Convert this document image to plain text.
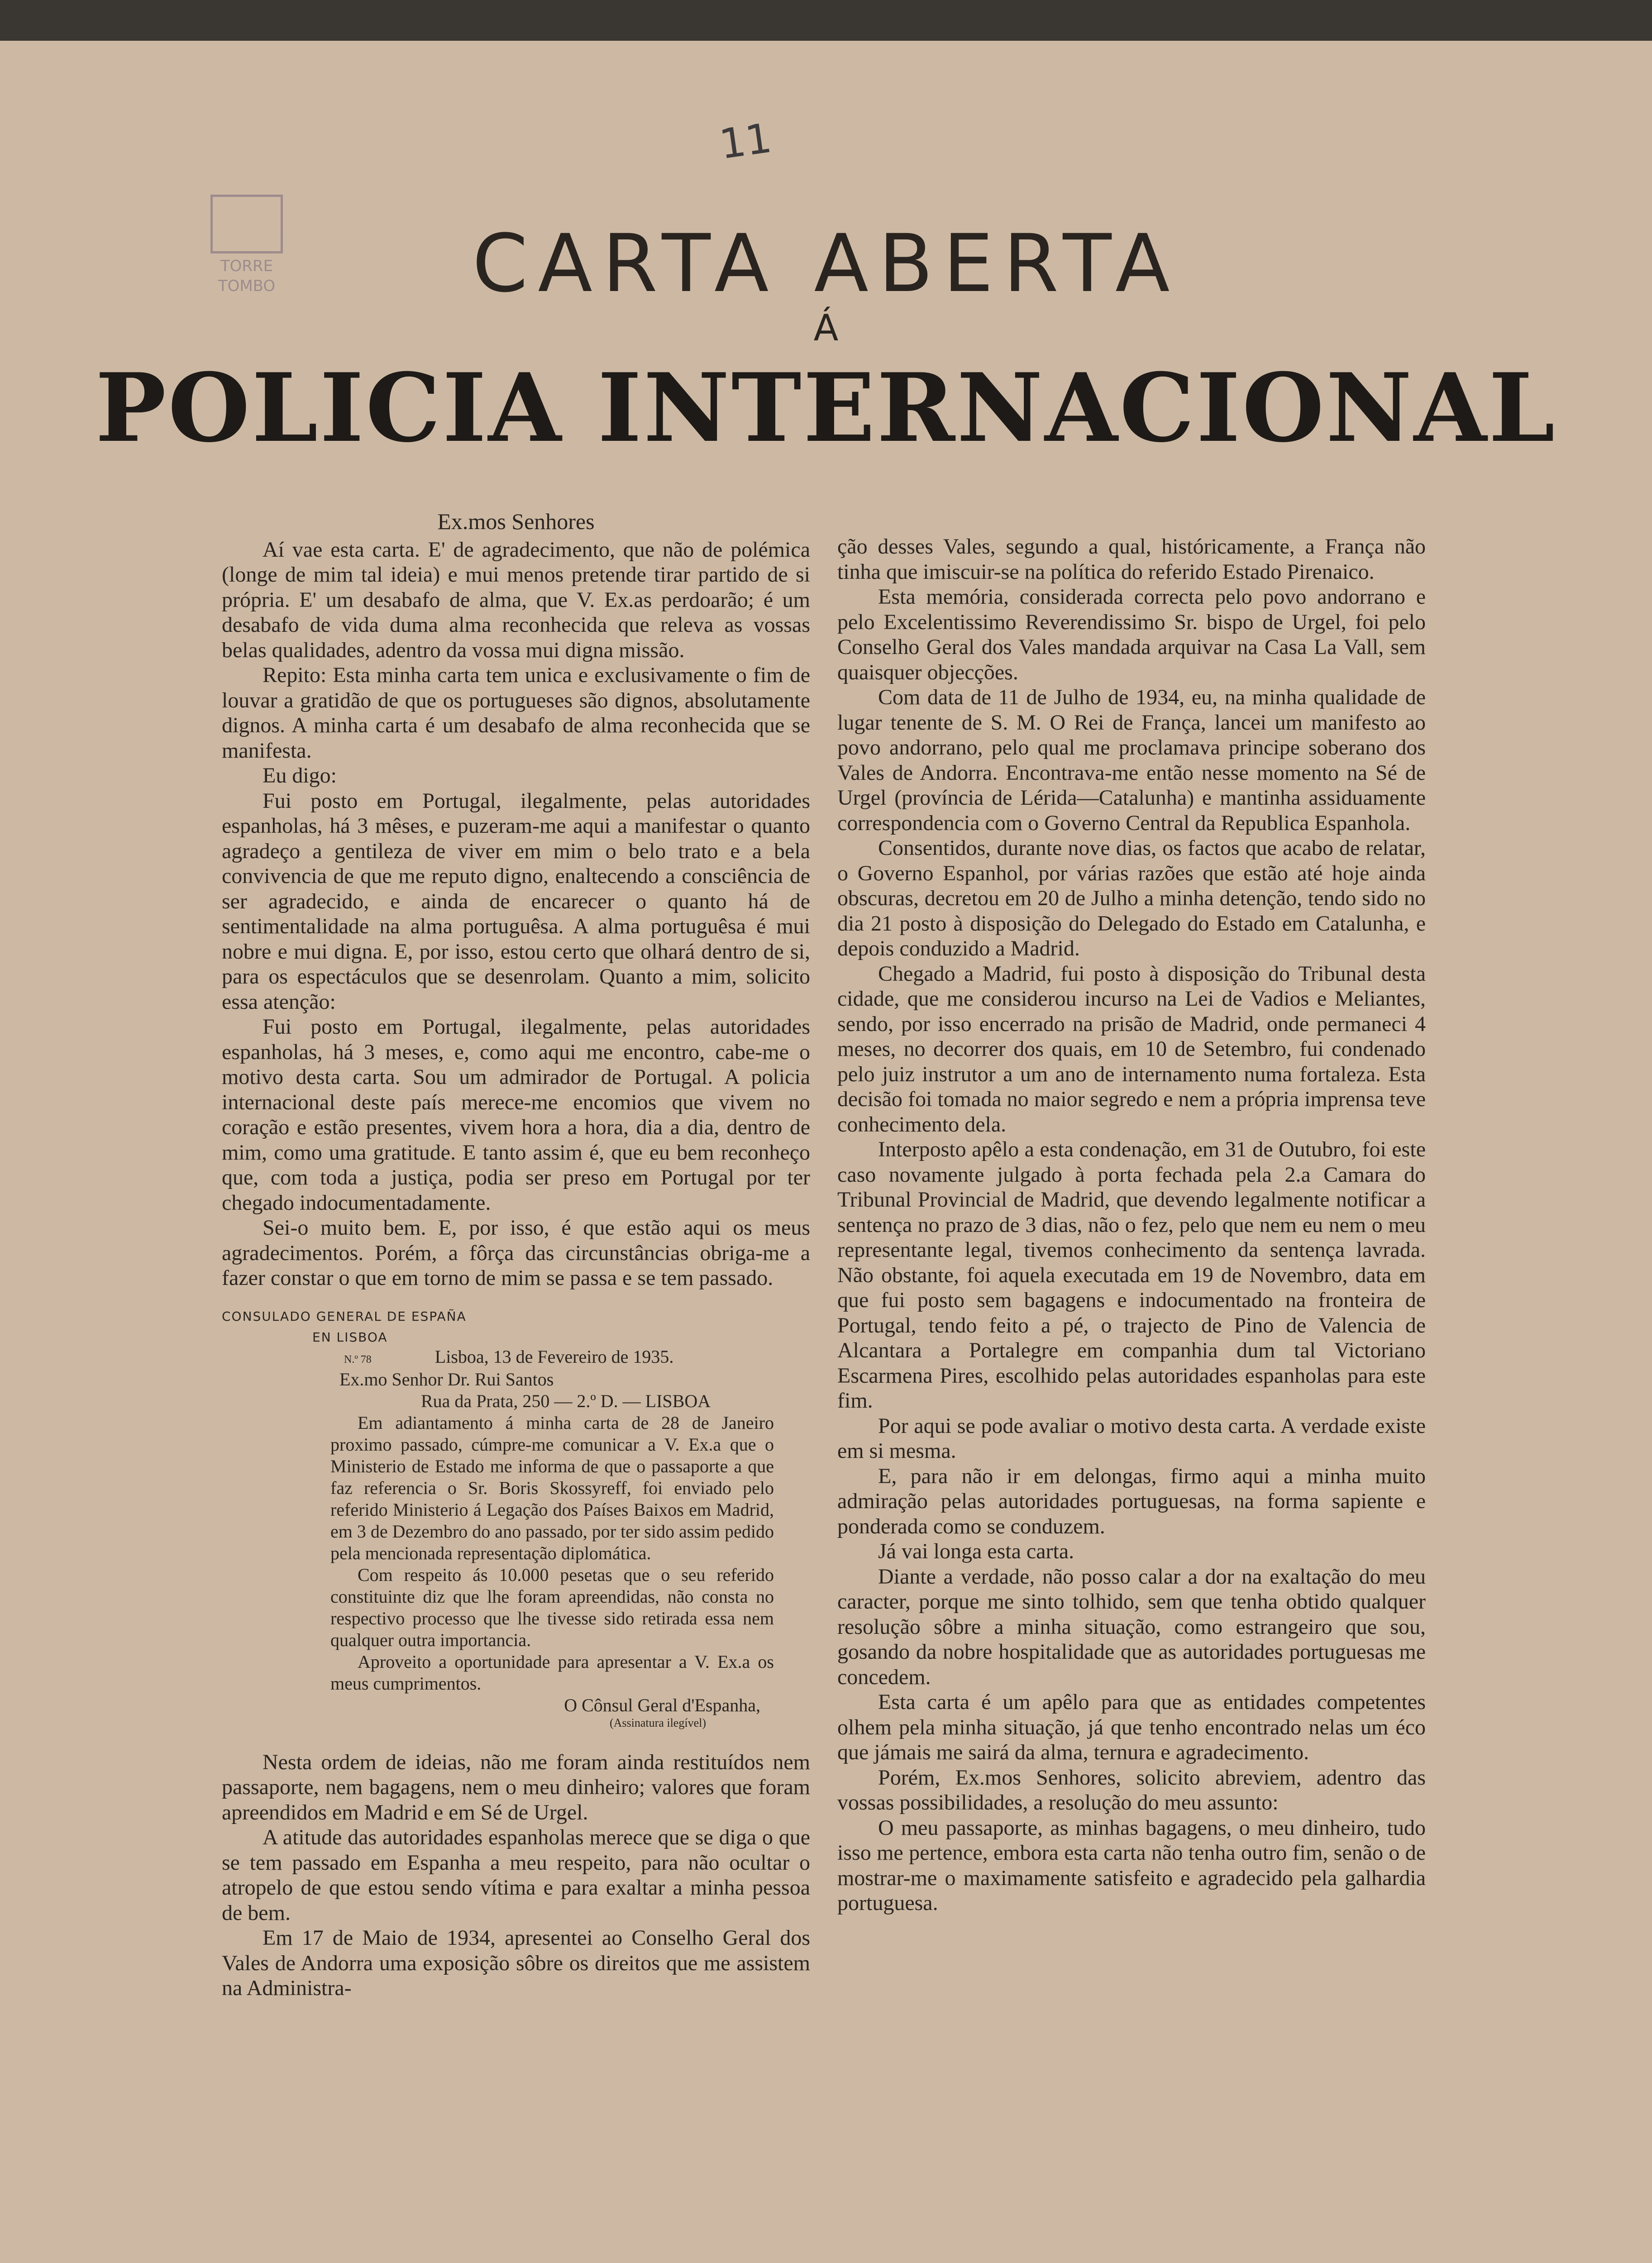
TORRE
TOMBO
11
CARTA ABERTA
Á
POLICIA INTERNACIONAL
Ex.mos Senhores

Aí vae esta carta. E' de agradecimento, que não de polémica (longe de mim tal ideia) e mui menos pretende tirar partido de si própria. E' um desabafo de alma, que V. Ex.as perdoarão; é um desabafo de vida duma alma reconhecida que releva as vossas belas qualidades, adentro da vossa mui digna missão.

Repito: Esta minha carta tem unica e exclusivamente o fim de louvar a gratidão de que os portugueses são dignos, absolutamente dignos. A minha carta é um desabafo de alma reconhecida que se manifesta.

Eu digo:

Fui posto em Portugal, ilegalmente, pelas autoridades espanholas, há 3 mêses, e puzeram-me aqui a manifestar o quanto agradeço a gentileza de viver em mim o belo trato e a bela convivencia de que me reputo digno, enaltecendo a consciência de ser agradecido, e ainda de encarecer o quanto há de sentimentalidade na alma portuguêsa. A alma portuguêsa é mui nobre e mui digna. E, por isso, estou certo que olhará dentro de si, para os espectáculos que se desenrolam. Quanto a mim, solicito essa atenção:

Fui posto em Portugal, ilegalmente, pelas autoridades espanholas, há 3 meses, e, como aqui me encontro, cabe-me o motivo desta carta. Sou um admirador de Portugal. A policia internacional deste país merece-me encomios que vivem no coração e estão presentes, vivem hora a hora, dia a dia, dentro de mim, como uma gratitude. E tanto assim é, que eu bem reconheço que, com toda a justiça, podia ser preso em Portugal por ter chegado indocumentadamente.

Sei-o muito bem. E, por isso, é que estão aqui os meus agradecimentos. Porém, a fôrça das circunstâncias obriga-me a fazer constar o que em torno de mim se passa e se tem passado.

CONSULADO GENERAL DE ESPAÑA
EN LISBOA
N.º 78	Lisboa, 13 de Fevereiro de 1935.
Ex.mo Senhor Dr. Rui Santos
Rua da Prata, 250 — 2.º D. — LISBOA

Em adiantamento á minha carta de 28 de Janeiro proximo passado, cúmpre-me comunicar a V. Ex.a que o Ministerio de Estado me informa de que o passaporte a que faz referencia o Sr. Boris Skossyreff, foi enviado pelo referido Ministerio á Legação dos Países Baixos em Madrid, em 3 de Dezembro do ano passado, por ter sido assim pedido pela mencionada representação diplomática.

Com respeito ás 10.000 pesetas que o seu referido constituinte diz que lhe foram apreendidas, não consta no respectivo processo que lhe tivesse sido retirada essa nem qualquer outra importancia.

Aproveito a oportunidade para apresentar a V. Ex.a os meus cumprimentos.

O Cônsul Geral d'Espanha,
(Assinatura ilegível)

Nesta ordem de ideias, não me foram ainda restituídos nem passaporte, nem bagagens, nem o meu dinheiro; valores que foram apreendidos em Madrid e em Sé de Urgel.

A atitude das autoridades espanholas merece que se diga o que se tem passado em Espanha a meu respeito, para não ocultar o atropelo de que estou sendo vítima e para exaltar a minha pessoa de bem.

Em 17 de Maio de 1934, apresentei ao Conselho Geral dos Vales de Andorra uma exposição sôbre os direitos que me assistem na Administra-

ção desses Vales, segundo a qual, históricamente, a França não tinha que imiscuir-se na política do referido Estado Pirenaico.

Esta memória, considerada correcta pelo povo andorrano e pelo Excelentissimo Reverendissimo Sr. bispo de Urgel, foi pelo Conselho Geral dos Vales mandada arquivar na Casa La Vall, sem quaisquer objecções.

Com data de 11 de Julho de 1934, eu, na minha qualidade de lugar tenente de S. M. O Rei de França, lancei um manifesto ao povo andorrano, pelo qual me proclamava principe soberano dos Vales de Andorra. Encontrava-me então nesse momento na Sé de Urgel (província de Lérida—Catalunha) e mantinha assiduamente correspondencia com o Governo Central da Republica Espanhola.

Consentidos, durante nove dias, os factos que acabo de relatar, o Governo Espanhol, por várias razões que estão até hoje ainda obscuras, decretou em 20 de Julho a minha detenção, tendo sido no dia 21 posto à disposição do Delegado do Estado em Catalunha, e depois conduzido a Madrid.

Chegado a Madrid, fui posto à disposição do Tribunal desta cidade, que me considerou incurso na Lei de Vadios e Meliantes, sendo, por isso encerrado na prisão de Madrid, onde permaneci 4 meses, no decorrer dos quais, em 10 de Setembro, fui condenado pelo juiz instrutor a um ano de internamento numa fortaleza. Esta decisão foi tomada no maior segredo e nem a própria imprensa teve conhecimento dela.

Interposto apêlo a esta condenação, em 31 de Outubro, foi este caso novamente julgado à porta fechada pela 2.a Camara do Tribunal Provincial de Madrid, que devendo legalmente notificar a sentença no prazo de 3 dias, não o fez, pelo que nem eu nem o meu representante legal, tivemos conhecimento da sentença lavrada. Não obstante, foi aquela executada em 19 de Novembro, data em que fui posto sem bagagens e indocumentado na fronteira de Portugal, tendo feito a pé, o trajecto de Pino de Valencia de Alcantara a Portalegre em companhia dum tal Victoriano Escarmena Pires, escolhido pelas autoridades espanholas para este fim.

Por aqui se pode avaliar o motivo desta carta. A verdade existe em si mesma.

E, para não ir em delongas, firmo aqui a minha muito admiração pelas autoridades portuguesas, na forma sapiente e ponderada como se conduzem.

Já vai longa esta carta.

Diante a verdade, não posso calar a dor na exaltação do meu caracter, porque me sinto tolhido, sem que tenha obtido qualquer resolução sôbre a minha situação, como estrangeiro que sou, gosando da nobre hospitalidade que as autoridades portuguesas me concedem.

Esta carta é um apêlo para que as entidades competentes olhem pela minha situação, já que tenho encontrado nelas um éco que jámais me sairá da alma, ternura e agradecimento.

Porém, Ex.mos Senhores, solicito abreviem, adentro das vossas possibilidades, a resolução do meu assunto:

O meu passaporte, as minhas bagagens, o meu dinheiro, tudo isso me pertence, embora esta carta não tenha outro fim, senão o de mostrar-me o maximamente satisfeito e agradecido pela galhardia portuguesa.
